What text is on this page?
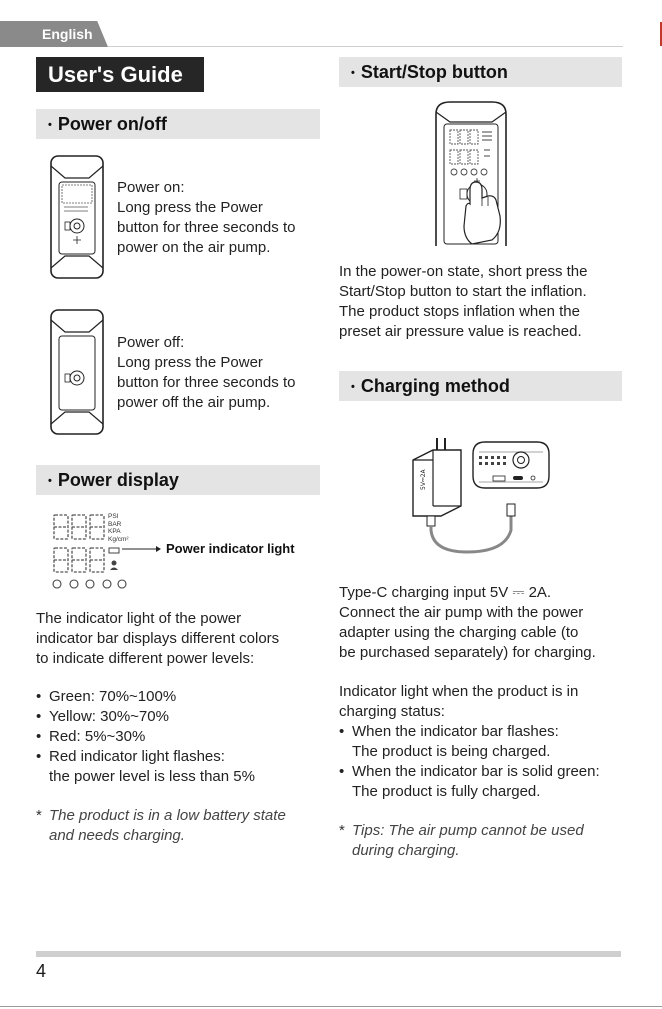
English
User's Guide
• Power on/off

Power on:

Long press the Power

button for three seconds to

power on the air pump.

Power off:

Long press the Power

button for three seconds to

power off the air pump.

• Power display
PSI
BAR
KPA
Kg/cm²
Power indicator light

The indicator light of the power

indicator bar displays different colors

to indicate different power levels:

• Green: 70%~100%
• Yellow: 30%~70%
• Red: 5%~30%
• Red indicator light flashes:

the power level is less than 5%

* The product is in a low battery state

and needs charging.

• Start/Stop button

In the power-on state, short press the

Start/Stop button to start the inflation.

The product stops inflation when the

preset air pressure value is reached.

• Charging method
5V⎓2A

Type-C charging input 5V ⎓ 2A.

Connect the air pump with the power

adapter using the charging cable (to

be purchased separately) for charging.

Indicator light when the product is in

charging status:

• When the indicator bar flashes:

The product is being charged.

• When the indicator bar is solid green:

The product is fully charged.

* Tips: The air pump cannot be used

during charging.

4
